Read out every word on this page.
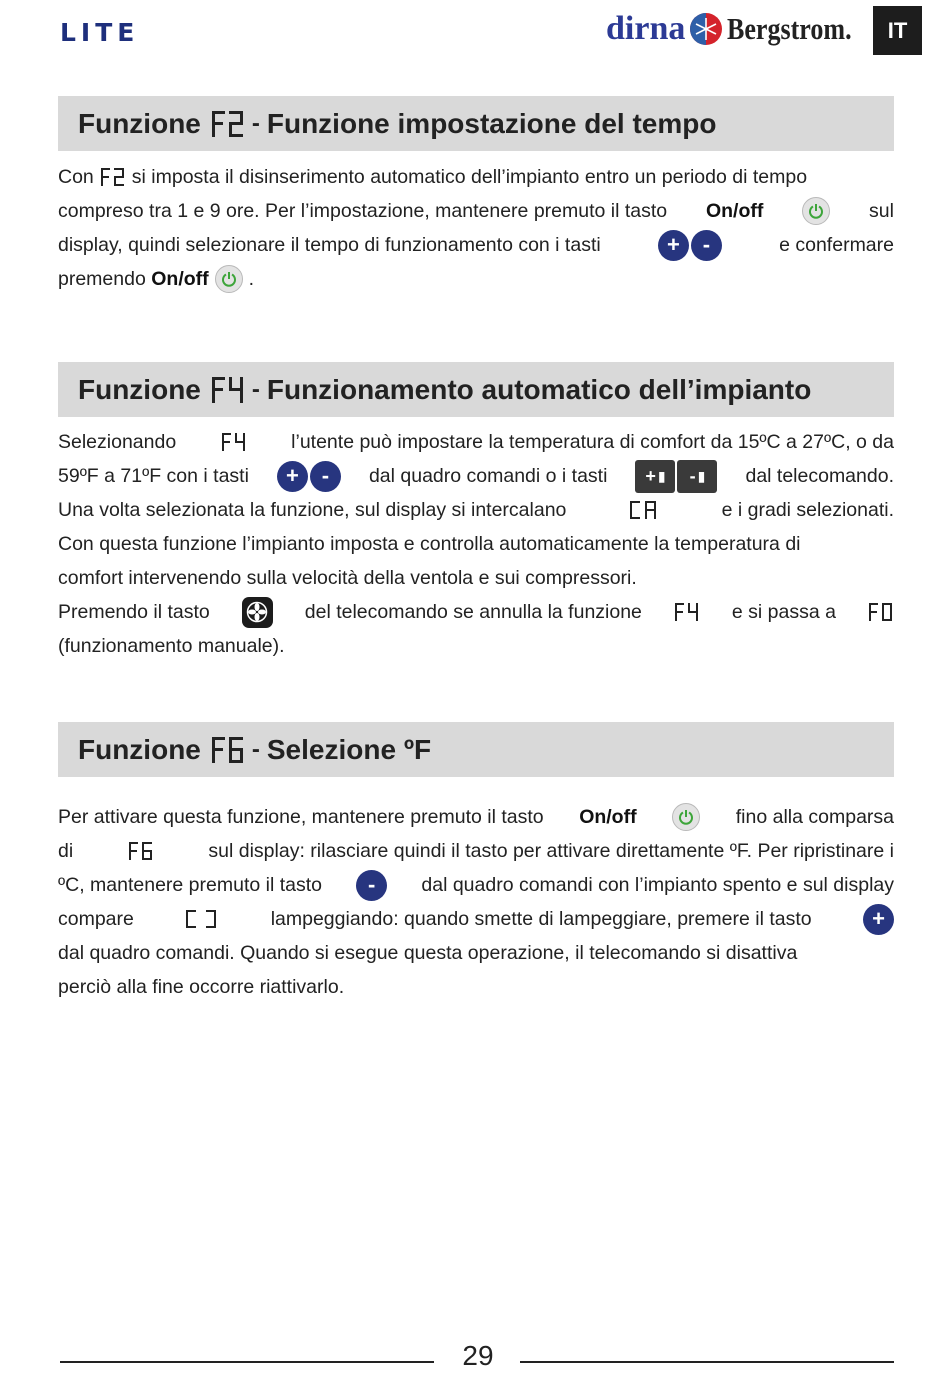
LITE	dirna Bergstrom.	IT
Funzione - Funzione impostazione del tempo
Con si imposta il disinserimento automatico dell’impianto entro un periodo di tempo
compreso tra 1 e 9 ore. Per l’impostazione, mantenere premuto il tasto On/off	sul
display, quindi selezionare il tempo di funzionamento con i tasti	+	-	e confermare
premendo
On/off .
Funzione - Funzionamento automatico dell’impianto
Selezionando	l’utente può impostare la temperatura di comfort da 15ºC a 27ºC, o da
59ºF a 71ºF con i tasti	+	-	dal quadro comandi o i tasti + ▮ - ▮ dal telecomando.
Una volta selezionata la funzione, sul display si intercalano	e i gradi selezionati.
Con questa funzione l’impianto imposta e controlla automaticamente la temperatura di
comfort intervenendo sulla velocità della ventola e sui compressori.
Premendo il tasto	del telecomando se annulla la funzione	e si passa a
(funzionamento manuale).
Funzione - Selezione ºF
Per attivare questa funzione, mantenere premuto il tasto On/off	fino alla comparsa
di	sul display: rilasciare quindi il tasto per attivare direttamente ºF. Per ripristinare i
ºC, mantenere premuto il tasto	-	dal quadro comandi con l’impianto spento e sul display
compare	lampeggiando: quando smette di lampeggiare, premere il tasto	+
dal quadro comandi. Quando si esegue questa operazione, il telecomando si disattiva
perciò alla fine occorre riattivarlo.
29
